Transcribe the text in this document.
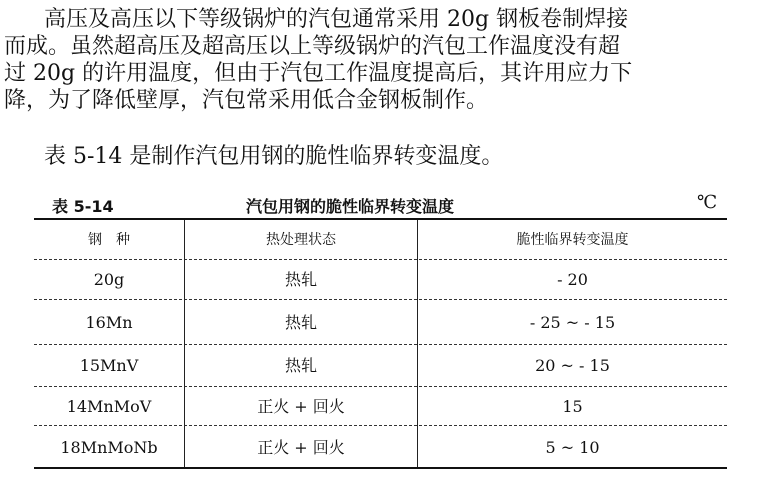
高压及高压以下等级锅炉的汽包通常采用 20g 钢板卷制焊接
而成。虽然超高压及超高压以上等级锅炉的汽包工作温度没有超
过 20g 的许用温度，但由于汽包工作温度提高后，其许用应力下
降，为了降低壁厚，汽包常采用低合金钢板制作。
表 5-14 是制作汽包用钢的脆性临界转变温度。
表 5-14	汽包用钢的脆性临界转变温度	℃
钢　种	热处理状态	脆性临界转变温度
20g	热轧	- 20
16Mn	热轧	- 25 ~ - 15
15MnV	热轧	20 ~ - 15
14MnMoV	正火 + 回火	15
18MnMoNb	正火 + 回火	5 ~ 10
